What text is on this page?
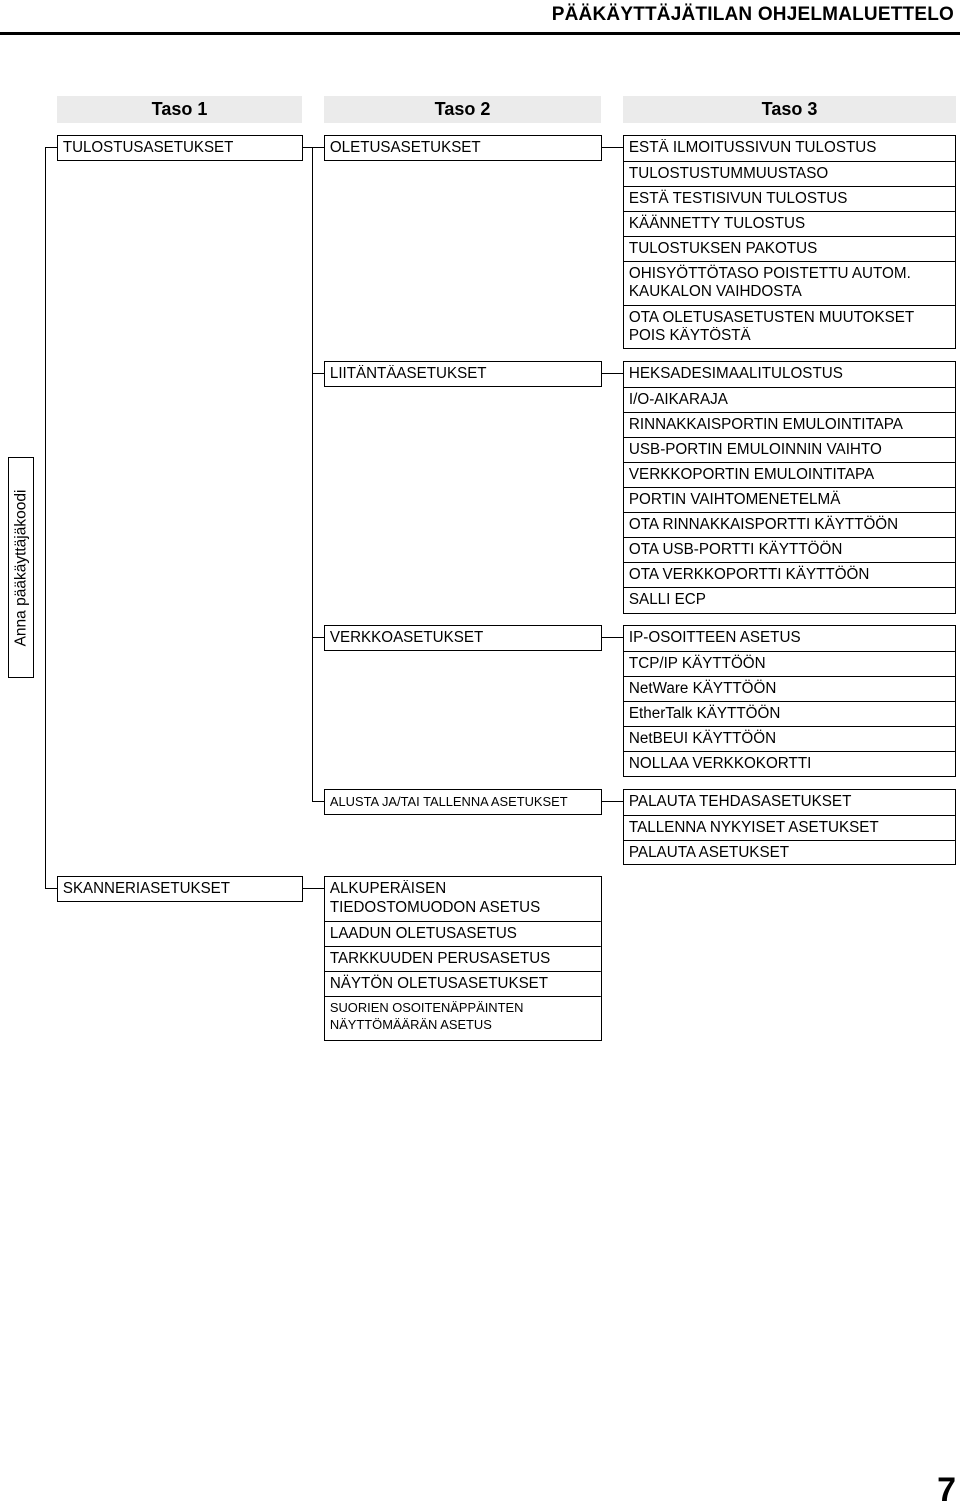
PÄÄKÄYTTÄJÄTILAN OHJELMALUETTELO
Taso 1	Taso 2	Taso 3
Anna pääkäyttäjäkoodi
TULOSTUSASETUKSET
SKANNERIASETUKSET
OLETUSASETUKSET
LIITÄNTÄASETUKSET
VERKKOASETUKSET
ALUSTA JA/TAI TALLENNA ASETUKSET
ALKUPERÄISEN
TIEDOSTOMUODON ASETUS
LAADUN OLETUSASETUS
TARKKUUDEN PERUSASETUS
NÄYTÖN OLETUSASETUKSET
SUORIEN OSOITENÄPPÄINTEN
NÄYTTÖMÄÄRÄN ASETUS
ESTÄ ILMOITUSSIVUN TULOSTUS
TULOSTUSTUMMUUSTASO
ESTÄ TESTISIVUN TULOSTUS
KÄÄNNETTY TULOSTUS
TULOSTUKSEN PAKOTUS
OHISYÖTTÖTASO POISTETTU AUTOM.
KAUKALON VAIHDOSTA
OTA OLETUSASETUSTEN MUUTOKSET
POIS KÄYTÖSTÄ
HEKSADESIMAALITULOSTUS
I/O-AIKARAJA
RINNAKKAISPORTIN EMULOINTITAPA
USB-PORTIN EMULOINNIN VAIHTO
VERKKOPORTIN EMULOINTITAPA
PORTIN VAIHTOMENETELMÄ
OTA RINNAKKAISPORTTI KÄYTTÖÖN
OTA USB-PORTTI KÄYTTÖÖN
OTA VERKKOPORTTI KÄYTTÖÖN
SALLI ECP
IP-OSOITTEEN ASETUS
TCP/IP KÄYTTÖÖN
NetWare KÄYTTÖÖN
EtherTalk KÄYTTÖÖN
NetBEUI KÄYTTÖÖN
NOLLAA VERKKOKORTTI
PALAUTA TEHDASASETUKSET
TALLENNA NYKYISET ASETUKSET
PALAUTA ASETUKSET
7
